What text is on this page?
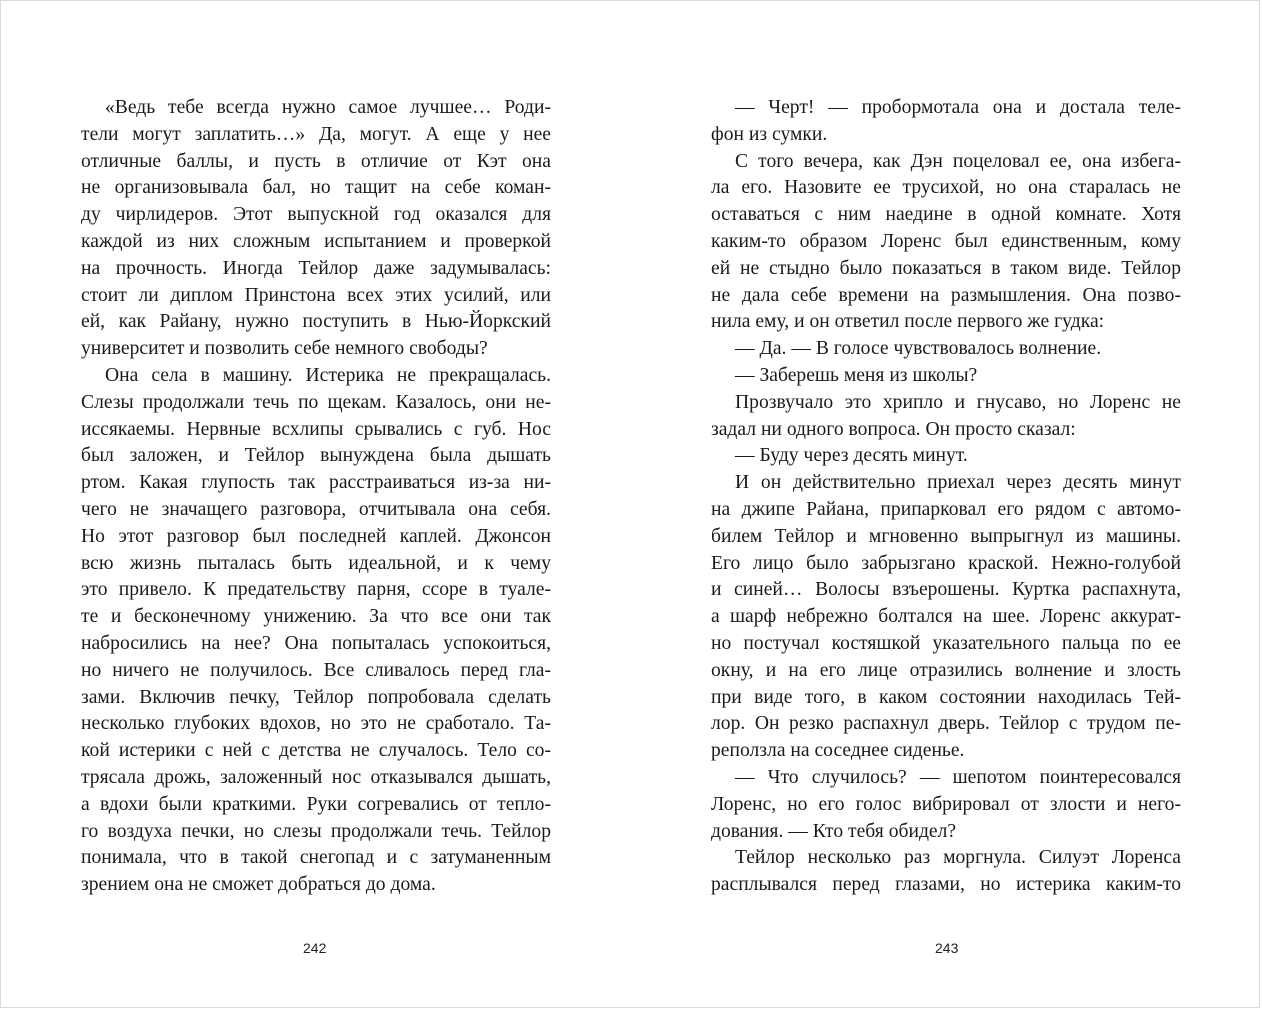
«Ведь тебе всегда нужно самое лучшее… Роди-
тели могут заплатить…» Да, могут. А еще у нее
отличные баллы, и пусть в отличие от Кэт она
не организовывала бал, но тащит на себе коман-
ду чирлидеров. Этот выпускной год оказался для
каждой из них сложным испытанием и проверкой
на прочность. Иногда Тейлор даже задумывалась:
стоит ли диплом Принстона всех этих усилий, или
ей, как Райану, нужно поступить в Нью-Йоркский
университет и позволить себе немного свободы?
Она села в машину. Истерика не прекращалась.
Слезы продолжали течь по щекам. Казалось, они не-
иссякаемы. Нервные всхлипы срывались с губ. Нос
был заложен, и Тейлор вынуждена была дышать
ртом. Какая глупость так расстраиваться из-за ни-
чего не значащего разговора, отчитывала она себя.
Но этот разговор был последней каплей. Джонсон
всю жизнь пыталась быть идеальной, и к чему
это привело. К предательству парня, ссоре в туале-
те и бесконечному унижению. За что все они так
набросились на нее? Она попыталась успокоиться,
но ничего не получилось. Все сливалось перед гла-
зами. Включив печку, Тейлор попробовала сделать
несколько глубоких вдохов, но это не сработало. Та-
кой истерики с ней с детства не случалось. Тело со-
трясала дрожь, заложенный нос отказывался дышать,
а вдохи были краткими. Руки согревались от тепло-
го воздуха печки, но слезы продолжали течь. Тейлор
понимала, что в такой снегопад и с затуманенным
зрением она не сможет добраться до дома.
242
— Черт! — пробормотала она и достала теле-
фон из сумки.
С того вечера, как Дэн поцеловал ее, она избега-
ла его. Назовите ее трусихой, но она старалась не
оставаться с ним наедине в одной комнате. Хотя
каким-то образом Лоренс был единственным, кому
ей не стыдно было показаться в таком виде. Тейлор
не дала себе времени на размышления. Она позво-
нила ему, и он ответил после первого же гудка:
— Да. — В голосе чувствовалось волнение.
— Заберешь меня из школы?
Прозвучало это хрипло и гнусаво, но Лоренс не
задал ни одного вопроса. Он просто сказал:
— Буду через десять минут.
И он действительно приехал через десять минут
на джипе Райана, припарковал его рядом с автомо-
билем Тейлор и мгновенно выпрыгнул из машины.
Его лицо было забрызгано краской. Нежно-голубой
и синей… Волосы взъерошены. Куртка распахнута,
а шарф небрежно болтался на шее. Лоренс аккурат-
но постучал костяшкой указательного пальца по ее
окну, и на его лице отразились волнение и злость
при виде того, в каком состоянии находилась Тей-
лор. Он резко распахнул дверь. Тейлор с трудом пе-
реползла на соседнее сиденье.
— Что случилось? — шепотом поинтересовался
Лоренс, но его голос вибрировал от злости и него-
дования. — Кто тебя обидел?
Тейлор несколько раз моргнула. Силуэт Лоренса
расплывался перед глазами, но истерика каким-то
243
